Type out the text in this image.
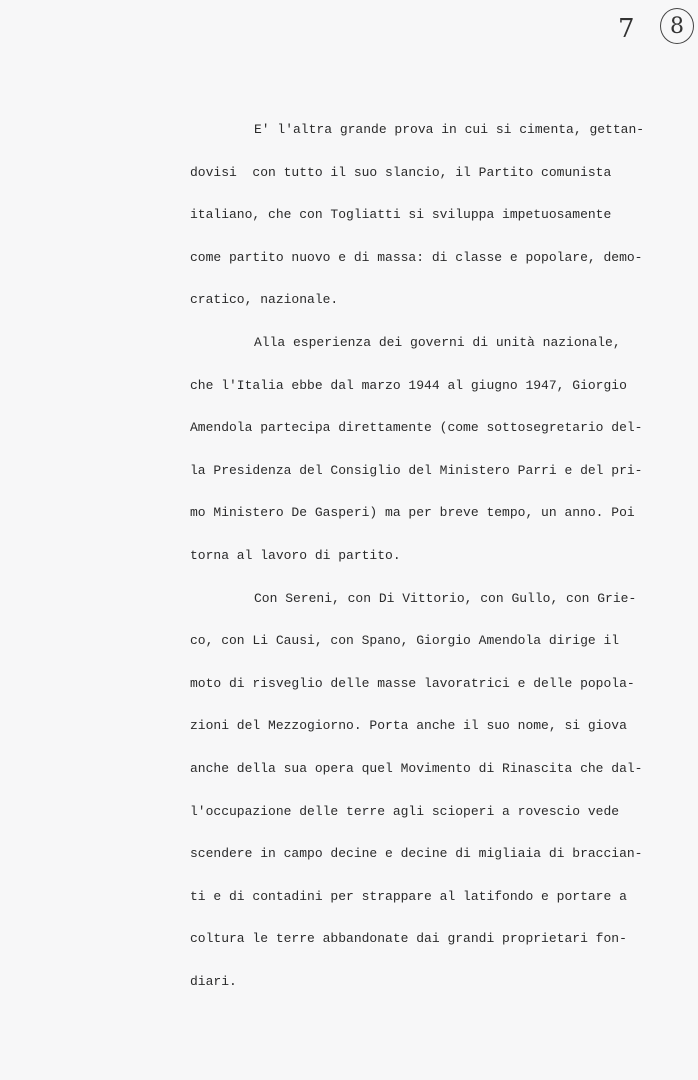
7	8
E' l'altra grande prova in cui si cimenta, gettan-
dovisi  con tutto il suo slancio, il Partito comunista
italiano, che con Togliatti si sviluppa impetuosamente
come partito nuovo e di massa: di classe e popolare, demo-
cratico, nazionale.
Alla esperienza dei governi di unità nazionale,
che l'Italia ebbe dal marzo 1944 al giugno 1947, Giorgio
Amendola partecipa direttamente (come sottosegretario del-
la Presidenza del Consiglio del Ministero Parri e del pri-
mo Ministero De Gasperi) ma per breve tempo, un anno. Poi
torna al lavoro di partito.
Con Sereni, con Di Vittorio, con Gullo, con Grie-
co, con Li Causi, con Spano, Giorgio Amendola dirige il
moto di risveglio delle masse lavoratrici e delle popola-
zioni del Mezzogiorno. Porta anche il suo nome, si giova
anche della sua opera quel Movimento di Rinascita che dal-
l'occupazione delle terre agli scioperi a rovescio vede
scendere in campo decine e decine di migliaia di braccian-
ti e di contadini per strappare al latifondo e portare a
coltura le terre abbandonate dai grandi proprietari fon-
diari.
